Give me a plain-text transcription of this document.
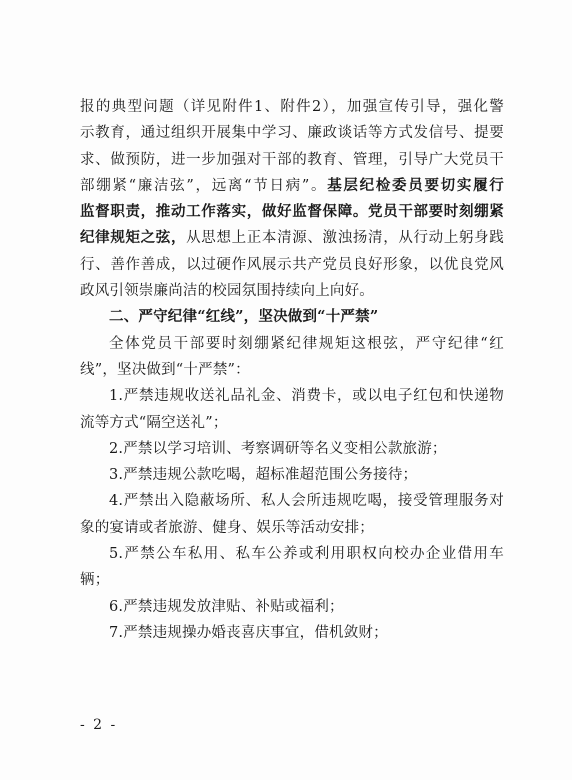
报的典型问题（详见附件1、附件2），加强宣传引导，强化警
示教育，通过组织开展集中学习、廉政谈话等方式发信号、提要
求、做预防，进一步加强对干部的教育、管理，引导广大党员干
部绷紧“廉洁弦”，远离“节日病”。基层纪检委员要切实履行
监督职责，推动工作落实，做好监督保障。党员干部要时刻绷紧
纪律规矩之弦，从思想上正本清源、激浊扬清，从行动上躬身践
行、善作善成，以过硬作风展示共产党员良好形象，以优良党风
政风引领崇廉尚洁的校园氛围持续向上向好。
二、严守纪律“红线”，坚决做到“十严禁”
全体党员干部要时刻绷紧纪律规矩这根弦，严守纪律“红
线”，坚决做到“十严禁”：
1.严禁违规收送礼品礼金、消费卡，或以电子红包和快递物
流等方式“隔空送礼”；
2.严禁以学习培训、考察调研等名义变相公款旅游；
3.严禁违规公款吃喝，超标准超范围公务接待；
4.严禁出入隐蔽场所、私人会所违规吃喝，接受管理服务对
象的宴请或者旅游、健身、娱乐等活动安排；
5.严禁公车私用、私车公养或利用职权向校办企业借用车
辆；
6.严禁违规发放津贴、补贴或福利；
7.严禁违规操办婚丧喜庆事宜，借机敛财；
- 2 -
